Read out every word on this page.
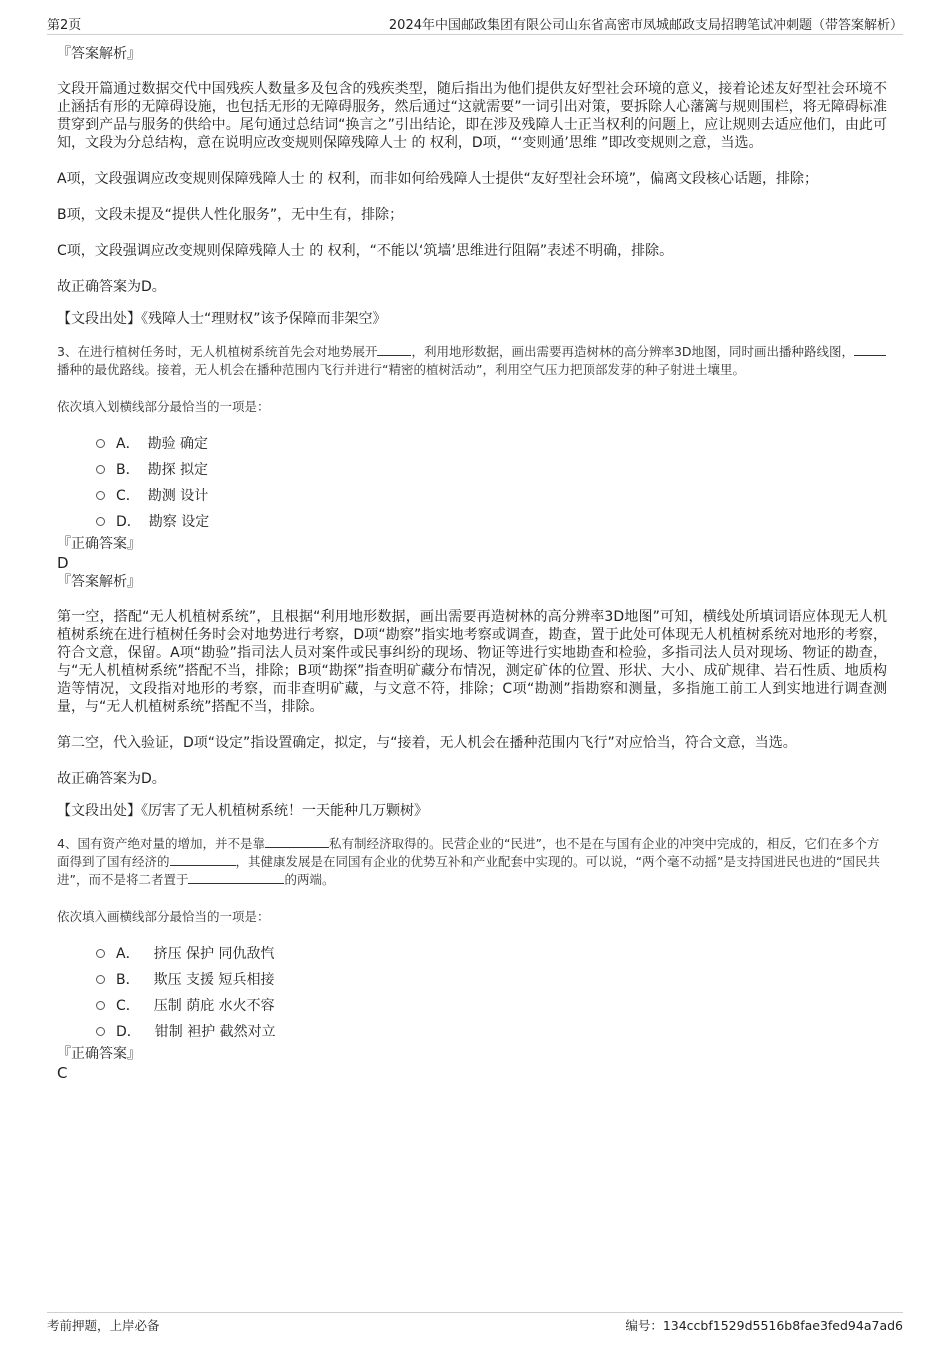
第2页	2024年中国邮政集团有限公司山东省高密市凤城邮政支局招聘笔试冲刺题（带答案解析）
『答案解析』

文段开篇通过数据交代中国残疾人数量多及包含的残疾类型，随后指出为他们提供友好型社会环境的意义，接着论述友好型社会环境不止涵括有形的无障碍设施，也包括无形的无障碍服务，然后通过“这就需要”一词引出对策，要拆除人心藩篱与规则围栏，将无障碍标准贯穿到产品与服务的供给中。尾句通过总结词“换言之”引出结论，即在涉及残障人士正当权利的问题上，应让规则去适应他们，由此可知，文段为分总结构，意在说明应改变规则保障残障人士 的 权利，D项，“‘变则通’思维 ”即改变规则之意，当选。

A项，文段强调应改变规则保障残障人士 的 权利，而非如何给残障人士提供“友好型社会环境”，偏离文段核心话题，排除；

B项，文段未提及“提供人性化服务”，无中生有，排除；

C项，文段强调应改变规则保障残障人士 的 权利，“不能以‘筑墙’思维进行阻隔”表述不明确，排除。

故正确答案为D。

【文段出处】《残障人士“理财权”该予保障而非架空》

3、在进行植树任务时，无人机植树系统首先会对地势展开	，利用地形数据，画出需要再造树林的高分辨率3D地图，同时画出播种路线图，播种的最优路线。接着，无人机会在播种范围内飞行并进行“精密的植树活动”，利用空气压力把顶部发芽的种子射进土壤里。

依次填入划横线部分最恰当的一项是：
A． 勘验 确定
B． 勘探 拟定
C． 勘测 设计
D． 勘察 设定
『正确答案』
D
『答案解析』

第一空，搭配“无人机植树系统”，且根据“利用地形数据，画出需要再造树林的高分辨率3D地图”可知，横线处所填词语应体现无人机植树系统在进行植树任务时会对地势进行考察，D项“勘察”指实地考察或调查，勘查，置于此处可体现无人机植树系统对地形的考察，符合文意，保留。A项“勘验”指司法人员对案件或民事纠纷的现场、物证等进行实地勘查和检验，多指司法人员对现场、物证的勘查，与“无人机植树系统”搭配不当，排除；B项“勘探”指查明矿藏分布情况，测定矿体的位置、形状、大小、成矿规律、岩石性质、地质构造等情况，文段指对地形的考察，而非查明矿藏，与文意不符，排除；C项“勘测”指勘察和测量，多指施工前工人到实地进行调查测量，与“无人机植树系统”搭配不当，排除。

第二空，代入验证，D项“设定”指设置确定，拟定，与“接着，无人机会在播种范围内飞行”对应恰当，符合文意，当选。

故正确答案为D。

【文段出处】《厉害了无人机植树系统！一天能种几万颗树》

4、国有资产绝对量的增加，并不是靠	私有制经济取得的。民营企业的“民进”，也不是在与国有企业的冲突中完成的，相反，它们在多个方面得到了国有经济的	，其健康发展是在同国有企业的优势互补和产业配套中实现的。可以说，“两个毫不动摇”是支持国进民也进的“国民共进”，而不是将二者置于	的两端。

依次填入画横线部分最恰当的一项是：
A． 挤压 保护 同仇敌忾
B． 欺压 支援 短兵相接
C． 压制 荫庇 水火不容
D． 钳制 袒护 截然对立
『正确答案』
C
考前押题，上岸必备	编号：134ccbf1529d5516b8fae3fed94a7ad6
